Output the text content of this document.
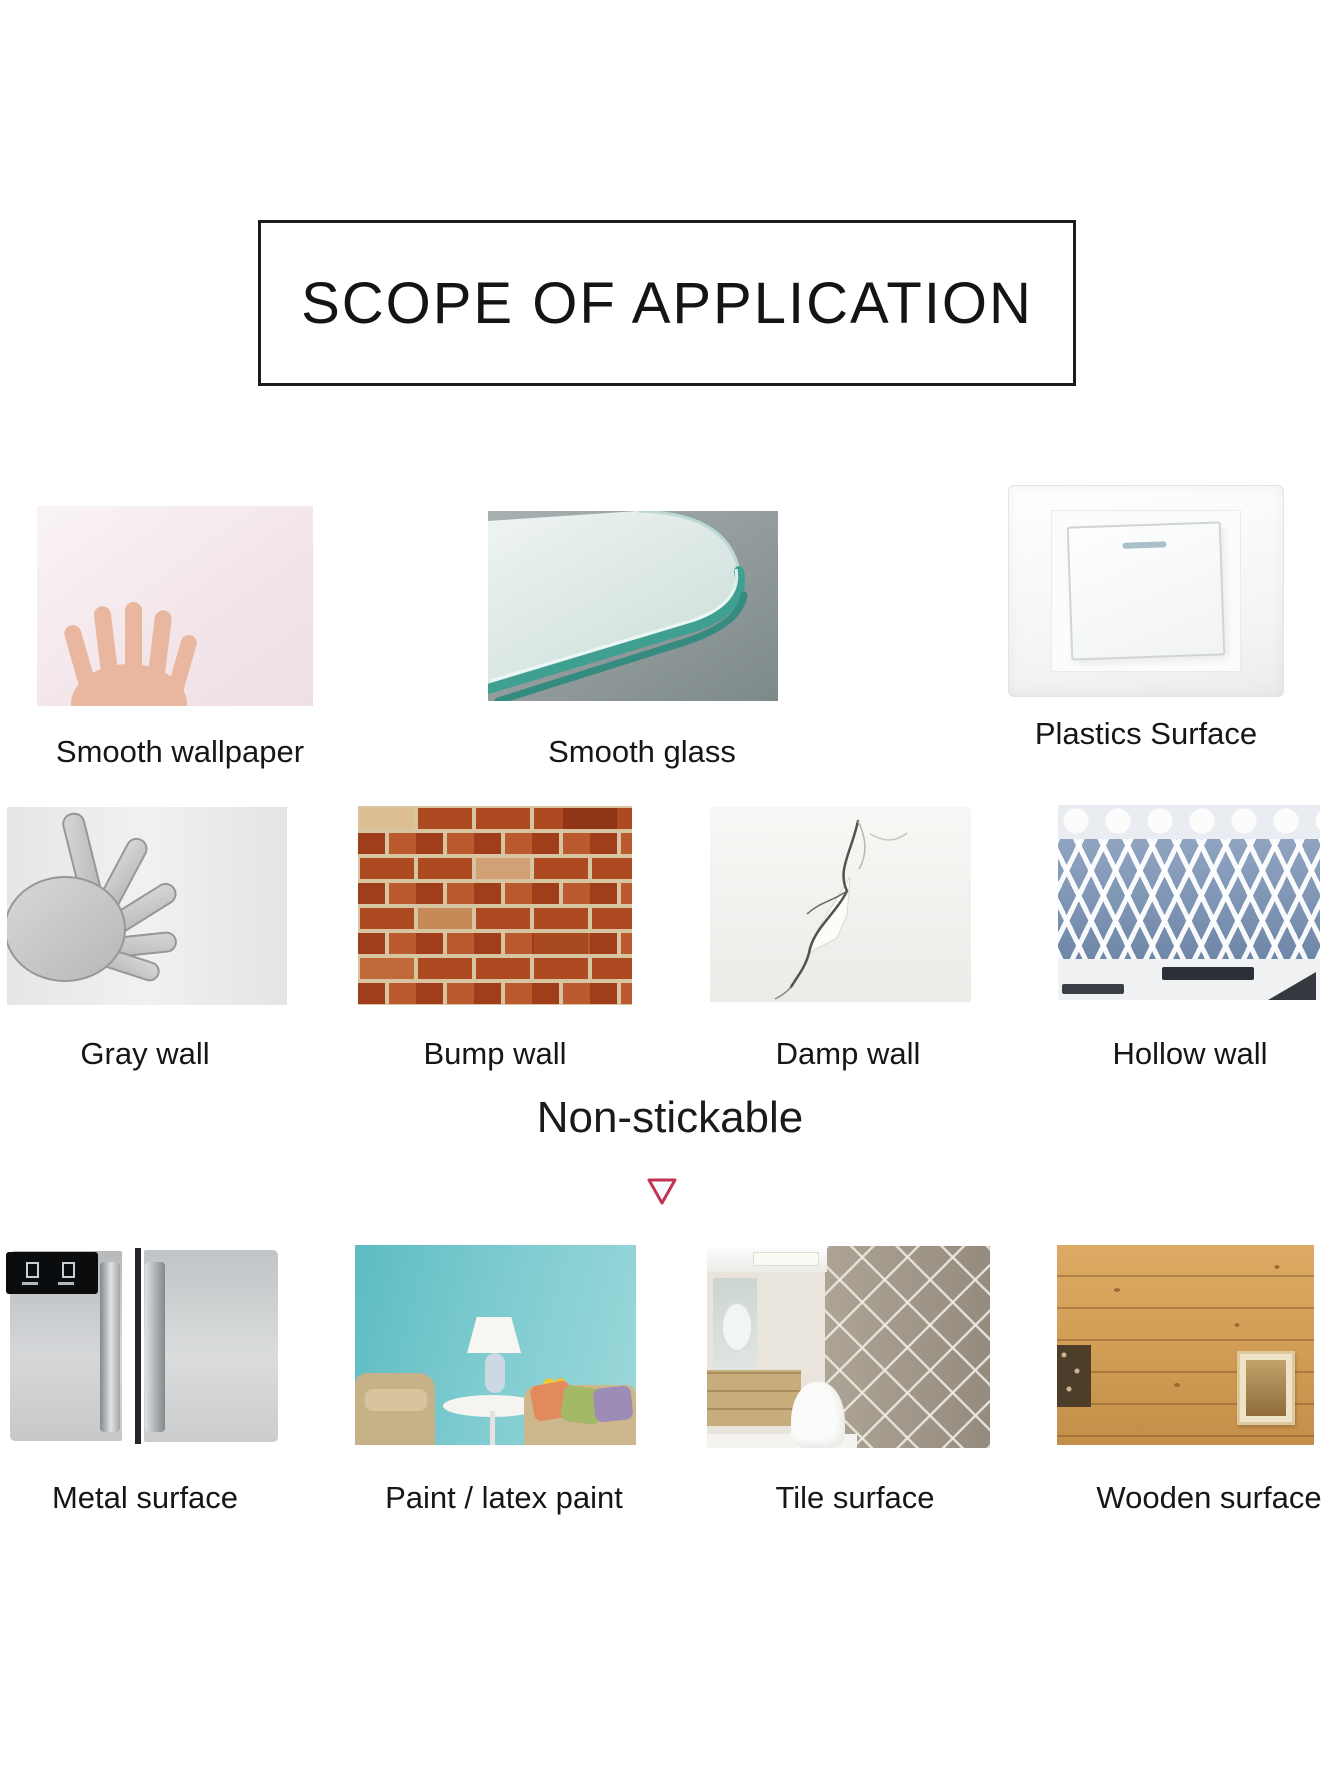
SCOPE OF APPLICATION
Smooth wallpaper	Smooth glass
Plastics Surface
Gray wall	Bump wall	Damp wall	Hollow wall
Non-stickable
Metal surface	Paint / latex paint	Tile surface	Wooden surface
